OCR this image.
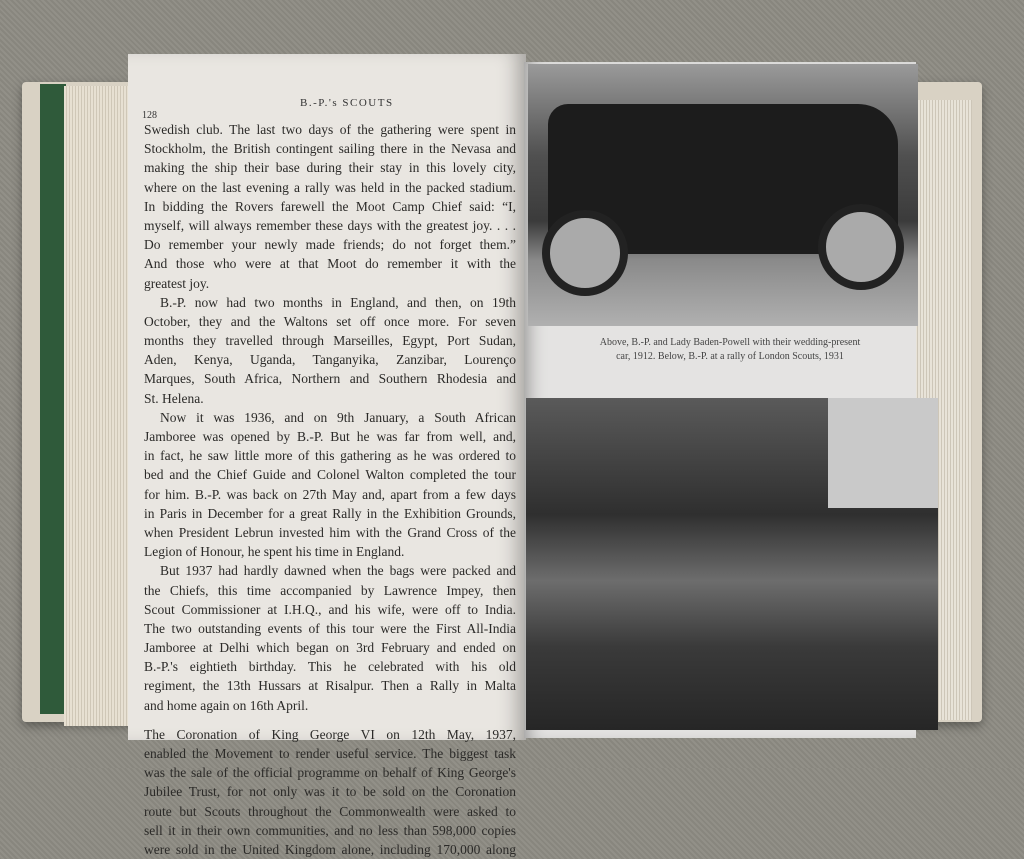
B.-P.'s SCOUTS
128
Swedish club. The last two days of the gathering were spent in
Stockholm, the British contingent sailing there in the Nevasa and
making the ship their base during their stay in this lovely city,
where on the last evening a rally was held in the packed stadium.
In bidding the Rovers farewell the Moot Camp Chief said: “I,
myself, will always remember these days with the greatest joy. . . .
Do remember your newly made friends; do not forget them.”
And those who were at that Moot do remember it with the
greatest joy.
B.-P. now had two months in England, and then, on 19th
October, they and the Waltons set off once more. For seven
months they travelled through Marseilles, Egypt, Port Sudan,
Aden, Kenya, Uganda, Tanganyika, Zanzibar, Lourenço
Marques, South Africa, Northern and Southern Rhodesia and
St. Helena.
Now it was 1936, and on 9th January, a South African
Jamboree was opened by B.-P. But he was far from well, and,
in fact, he saw little more of this gathering as he was ordered to
bed and the Chief Guide and Colonel Walton completed the tour
for him. B.-P. was back on 27th May and, apart from a few days
in Paris in December for a great Rally in the Exhibition Grounds,
when President Lebrun invested him with the Grand Cross of the
Legion of Honour, he spent his time in England.
But 1937 had hardly dawned when the bags were packed and
the Chiefs, this time accompanied by Lawrence Impey, then
Scout Commissioner at I.H.Q., and his wife, were off to India.
The two outstanding events of this tour were the First All-India
Jamboree at Delhi which began on 3rd February and ended on
B.-P.'s eightieth birthday. This he celebrated with his old
regiment, the 13th Hussars at Risalpur. Then a Rally in Malta
and home again on 16th April.
The Coronation of King George VI on 12th May, 1937,
enabled the Movement to render useful service. The biggest task
was the sale of the official programme on behalf of King George's
Jubilee Trust, for not only was it to be sold on the Coronation
route but Scouts throughout the Commonwealth were asked to
sell it in their own communities, and no less than 598,000 copies
were sold in the United Kingdom alone, including 170,000 along
Above, B.-P. and Lady Baden-Powell with their wedding-present
car, 1912. Below, B.-P. at a rally of London Scouts, 1931
